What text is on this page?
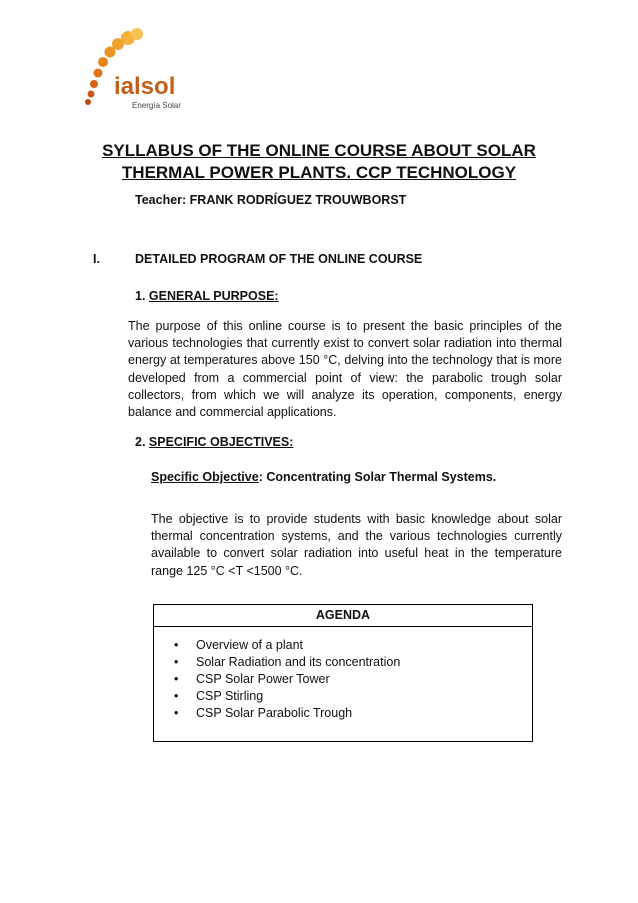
ialsol
Energía Solar
SYLLABUS OF THE ONLINE COURSE ABOUT SOLAR
THERMAL POWER PLANTS. CCP TECHNOLOGY
Teacher: FRANK RODRÍGUEZ TROUWBORST
I.	DETAILED PROGRAM OF THE ONLINE COURSE
1. GENERAL PURPOSE:
The purpose of this online course is to present the basic principles of the various technologies that currently exist to convert solar radiation into thermal energy at temperatures above 150 °C, delving into the technology that is more developed from a commercial point of view: the parabolic trough solar collectors, from which we will analyze its operation, components, energy balance and commercial applications.
2. SPECIFIC OBJECTIVES:
Specific Objective: Concentrating Solar Thermal Systems.
The objective is to provide students with basic knowledge about solar thermal concentration systems, and the various technologies currently available to convert solar radiation into useful heat in the temperature range 125 °C <T <1500 °C.
AGENDA
• Overview of a plant
• Solar Radiation and its concentration
• CSP Solar Power Tower
• CSP Stirling
• CSP Solar Parabolic Trough
